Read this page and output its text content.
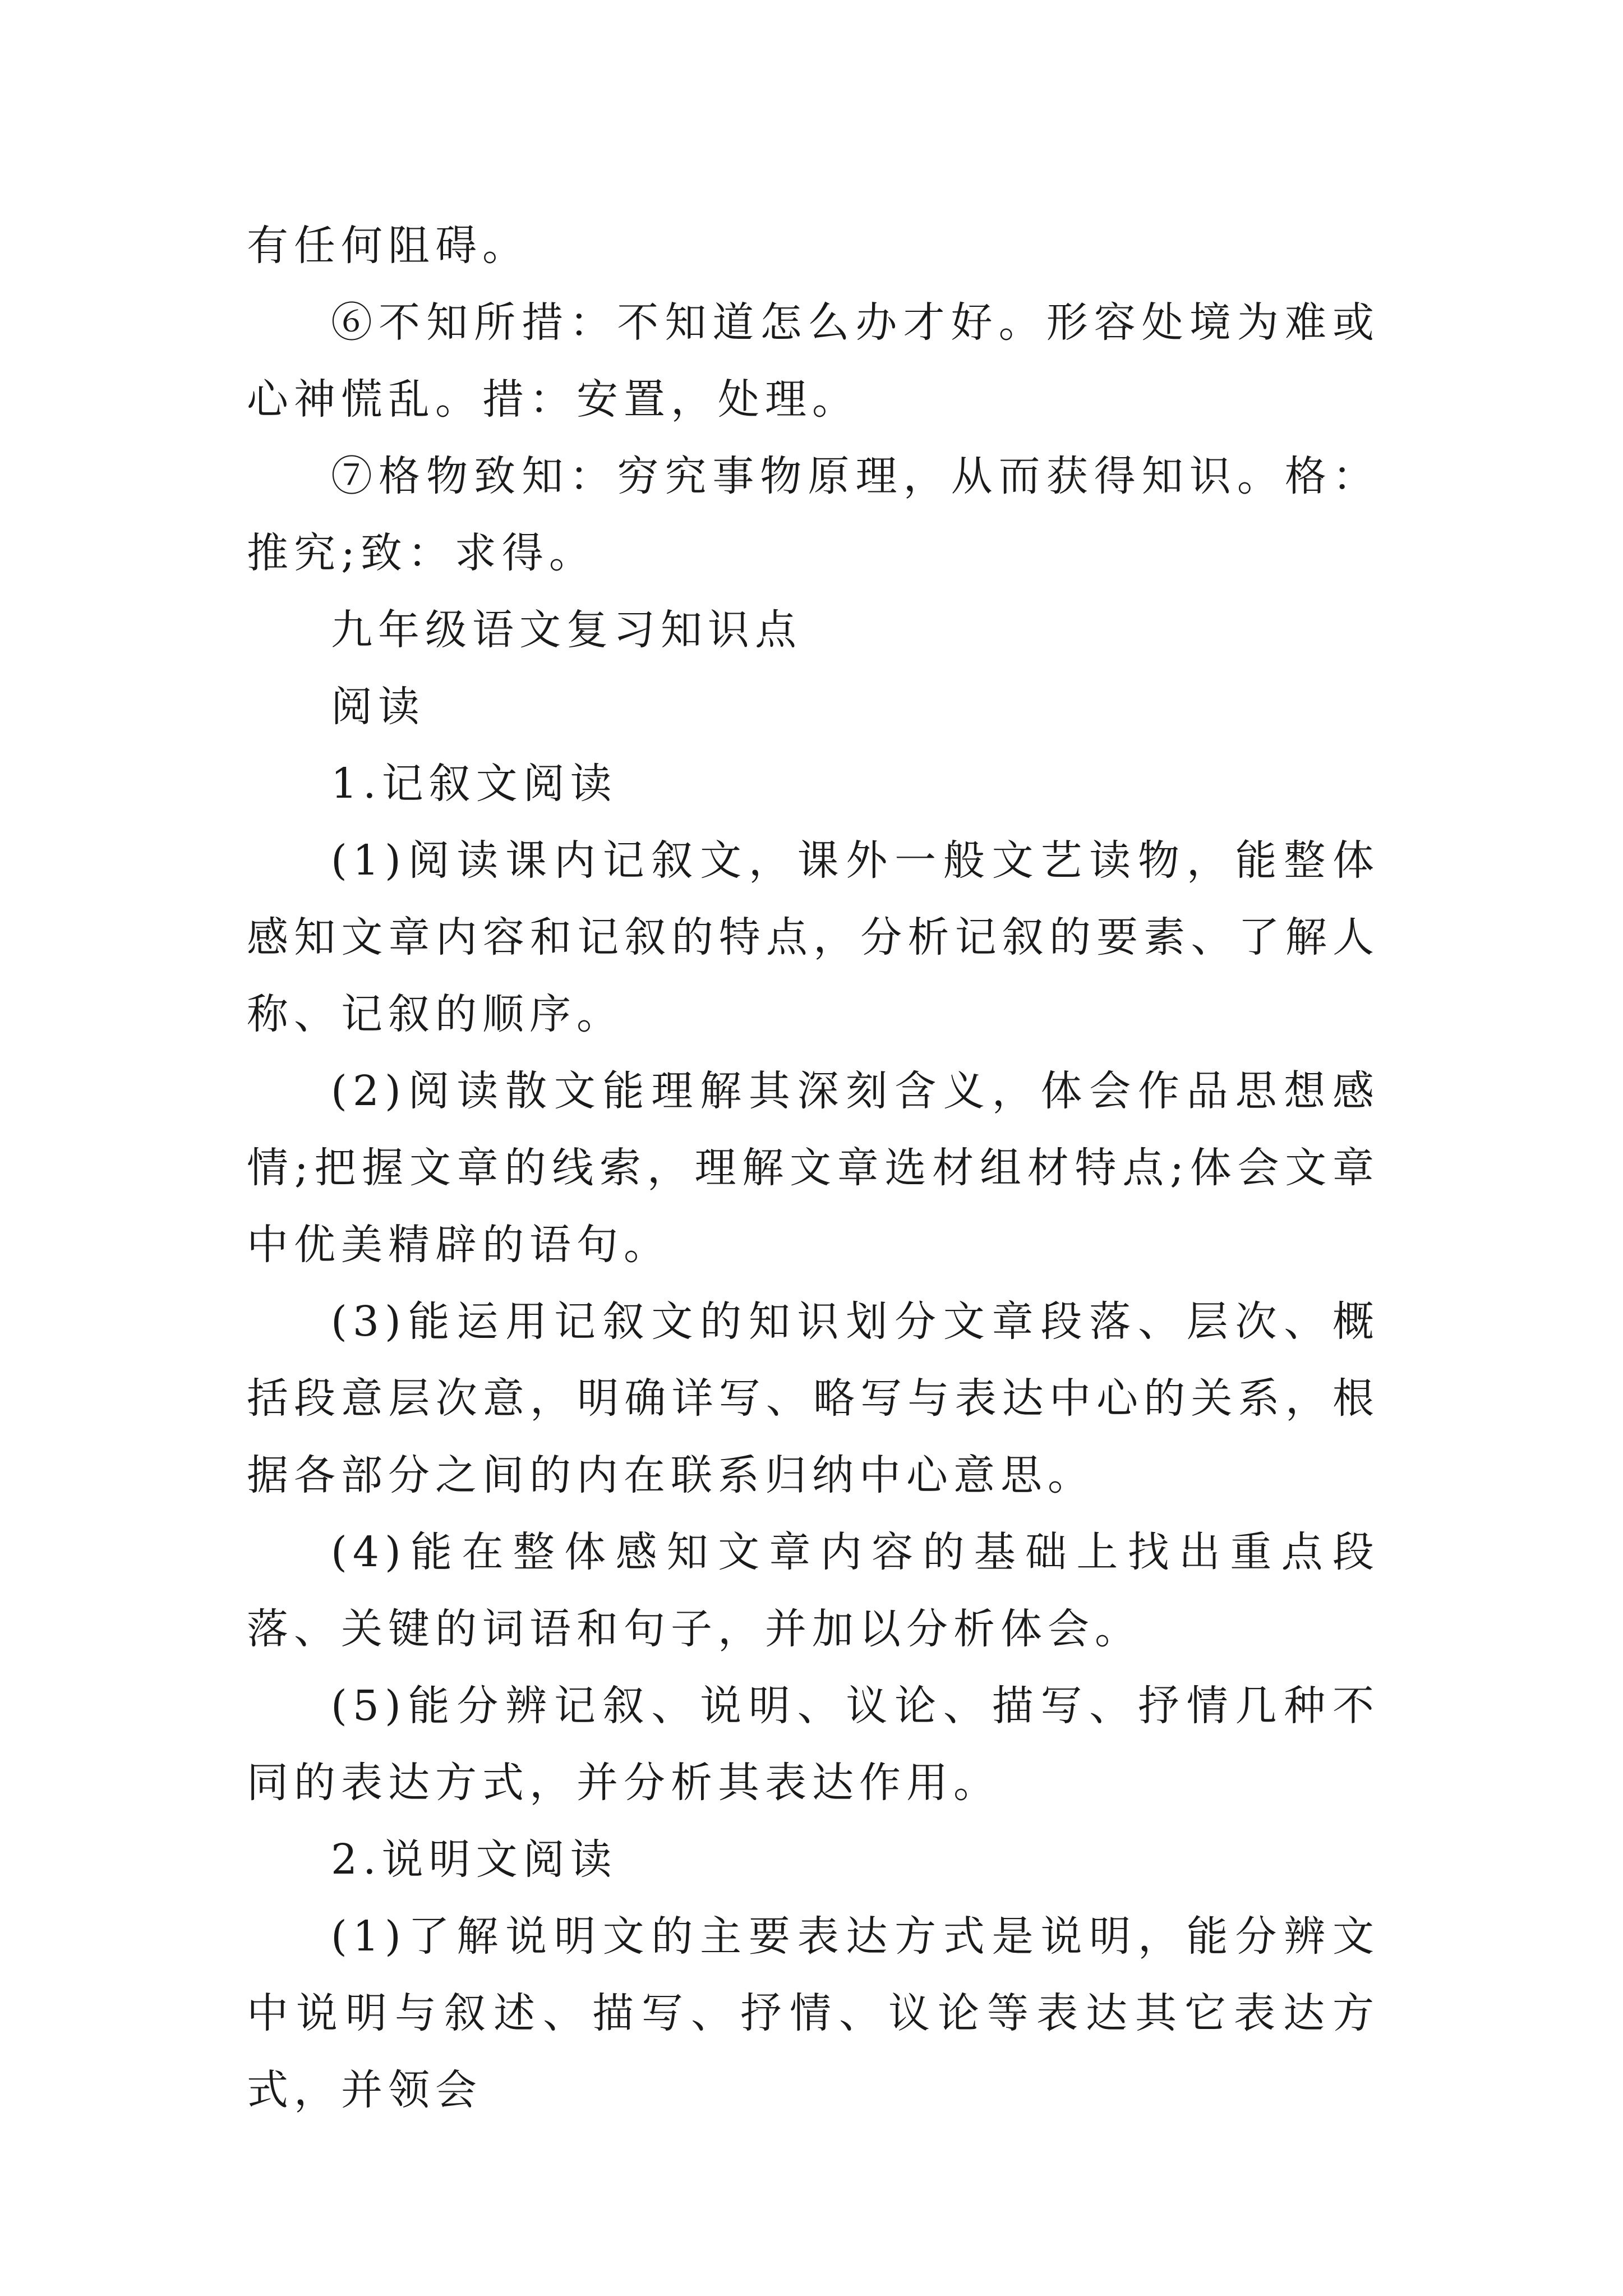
有任何阻碍。

⑥不知所措：不知道怎么办才好。形容处境为难或心神慌乱。措：安置，处理。

⑦格物致知：穷究事物原理，从而获得知识。格：推究;致：求得。

九年级语文复习知识点

阅读

1.记叙文阅读

(1)阅读课内记叙文，课外一般文艺读物，能整体感知文章内容和记叙的特点，分析记叙的要素、了解人称、记叙的顺序。

(2)阅读散文能理解其深刻含义，体会作品思想感情;把握文章的线索，理解文章选材组材特点;体会文章中优美精辟的语句。

(3)能运用记叙文的知识划分文章段落、层次、概括段意层次意，明确详写、略写与表达中心的关系，根据各部分之间的内在联系归纳中心意思。

(4)能在整体感知文章内容的基础上找出重点段落、关键的词语和句子，并加以分析体会。

(5)能分辨记叙、说明、议论、描写、抒情几种不同的表达方式，并分析其表达作用。

2.说明文阅读

(1)了解说明文的主要表达方式是说明，能分辨文中说明与叙述、描写、抒情、议论等表达其它表达方式，并领会
